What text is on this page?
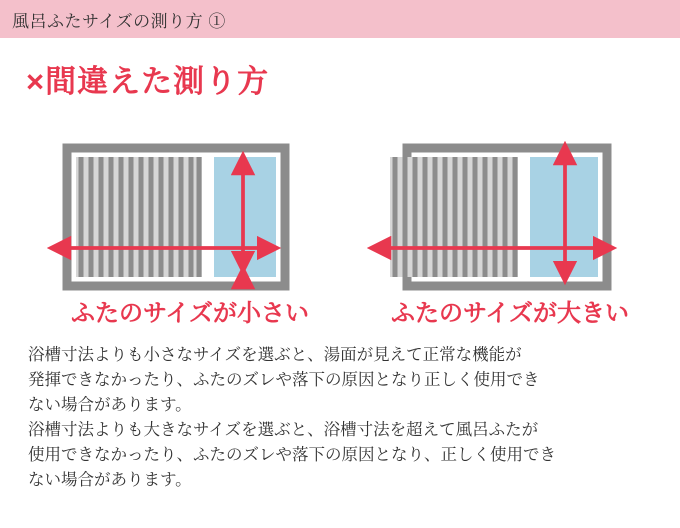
風呂ふたサイズの測り方 ①
×間違えた測り方
ふたのサイズが小さい	ふたのサイズが大きい

浴槽寸法よりも小さなサイズを選ぶと、湯面が見えて正常な機能が

発揮できなかったり、ふたのズレや落下の原因となり正しく使用でき

ない場合があります。

浴槽寸法よりも大きなサイズを選ぶと、浴槽寸法を超えて風呂ふたが

使用できなかったり、ふたのズレや落下の原因となり、正しく使用でき

ない場合があります。
